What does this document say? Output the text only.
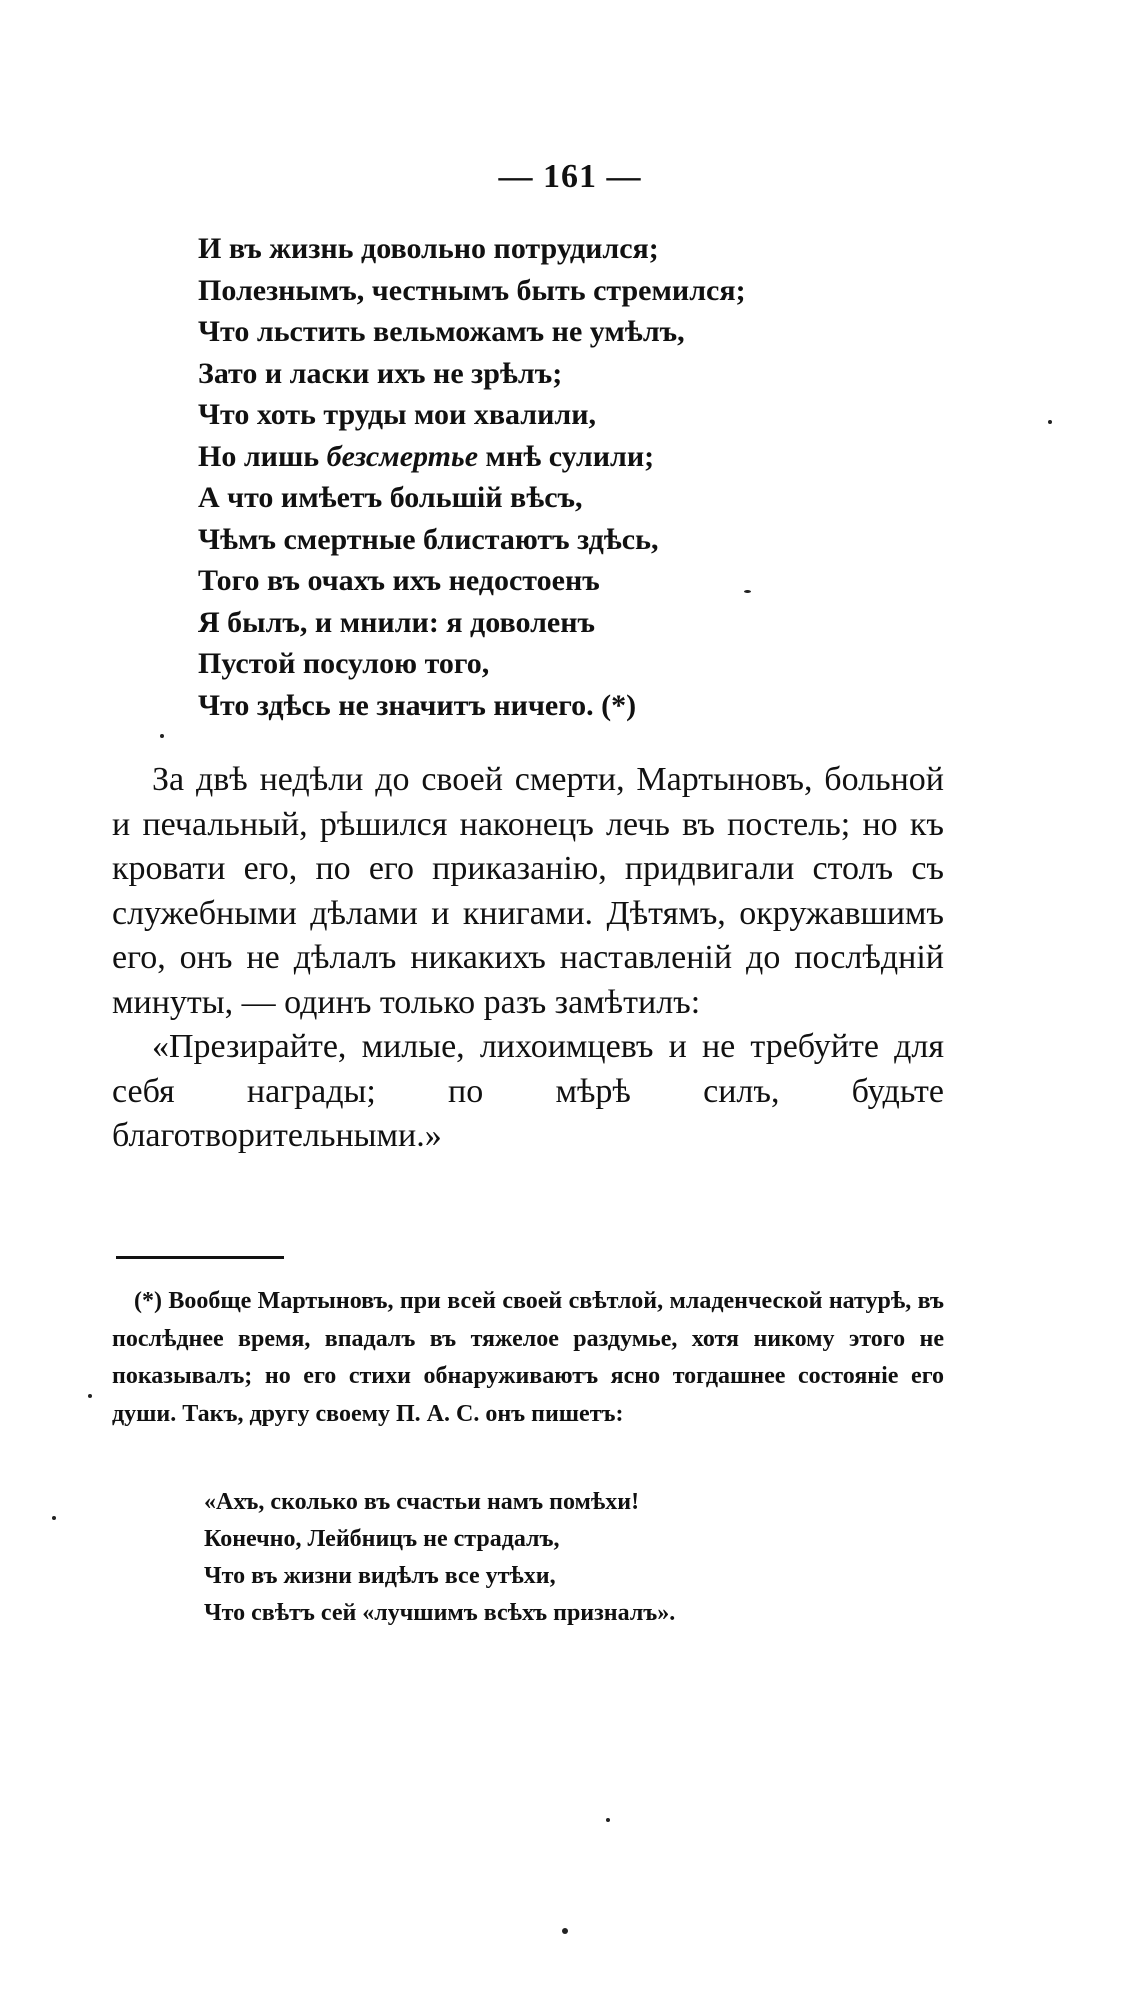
— 161 —
И въ жизнь довольно потрудился;
Полезнымъ, честнымъ быть стремился;
Что льстить вельможамъ не умѣлъ,
Зато и ласки ихъ не зрѣлъ;
Что хоть труды мои хвалили,
Но лишь безсмертье мнѣ сулили;
А что имѣетъ большій вѣсъ,
Чѣмъ смертные блистаютъ здѣсь,
Того въ очахъ ихъ недостоенъ
Я былъ, и мнили: я доволенъ
Пустой посулою того,
Что здѣсь не значитъ ничего. (*)

За двѣ недѣли до своей смерти, Мартыновъ, больной и печальный, рѣшился наконецъ лечь въ постель; но къ кровати его, по его приказанію, придвигали столъ съ служебными дѣлами и книгами. Дѣтямъ, окружавшимъ его, онъ не дѣлалъ никакихъ наставленій до послѣдній минуты, — одинъ только разъ замѣтилъ:

«Презирайте, милые, лихоимцевъ и не требуйте для себя награды; по мѣрѣ силъ, будьте благотворительными.»

(*) Вообще Мартыновъ, при всей своей свѣтлой, младенческой натурѣ, въ послѣднее время, впадалъ въ тяжелое раздумье, хотя никому этого не показывалъ; но его стихи обнаруживаютъ ясно тогдашнее состояніе его души. Такъ, другу своему П. А. С. онъ пишетъ:

«Ахъ, сколько въ счастьи намъ помѣхи!
Конечно, Лейбницъ не страдалъ,
Что въ жизни видѣлъ все утѣхи,
Что свѣтъ сей «лучшимъ всѣхъ призналъ».
